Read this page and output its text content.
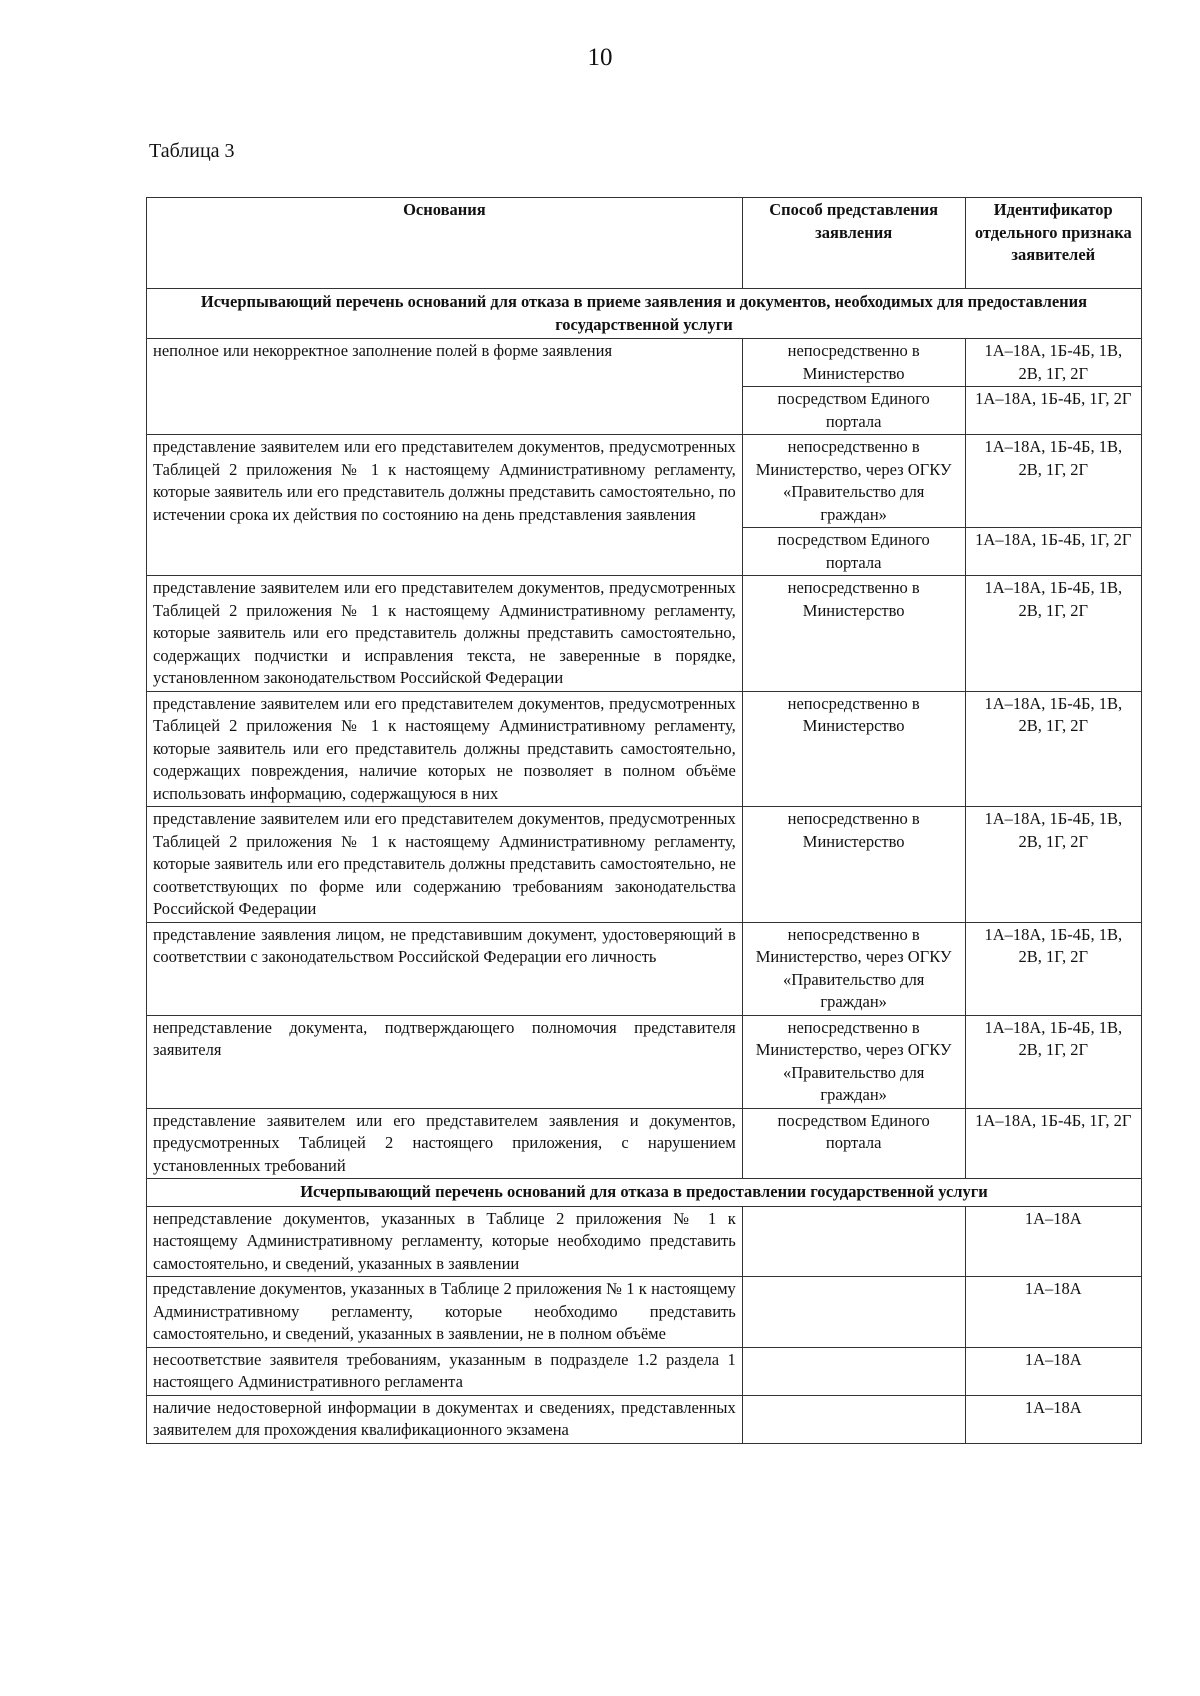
10
Таблица 3
Основания	Способ представления заявления	Идентификатор отдельного признака заявителей
Исчерпывающий перечень оснований для отказа в приеме заявления и документов, необходимых для предоставления государственной услуги		
неполное или некорректное заполнение полей в форме заявления	непосредственно в Министерство	1А–18А, 1Б-4Б, 1В, 2В, 1Г, 2Г
	посредством Единого портала	1А–18А, 1Б-4Б, 1Г, 2Г
представление заявителем или его представителем документов, предусмотренных Таблицей 2 приложения № 1 к настоящему Административному регламенту, которые заявитель или его представитель должны представить самостоятельно, по истечении срока их действия по состоянию на день представления заявления	непосредственно в Министерство, через ОГКУ «Правительство для граждан»	1А–18А, 1Б-4Б, 1В, 2В, 1Г, 2Г
	посредством Единого портала	1А–18А, 1Б-4Б, 1Г, 2Г
представление заявителем или его представителем документов, предусмотренных Таблицей 2 приложения № 1 к настоящему Административному регламенту, которые заявитель или его представитель должны представить самостоятельно, содержащих подчистки и исправления текста, не заверенные в порядке, установленном законодательством Российской Федерации	непосредственно в Министерство	1А–18А, 1Б-4Б, 1В, 2В, 1Г, 2Г
представление заявителем или его представителем документов, предусмотренных Таблицей 2 приложения № 1 к настоящему Административному регламенту, которые заявитель или его представитель должны представить самостоятельно, содержащих повреждения, наличие которых не позволяет в полном объёме использовать информацию, содержащуюся в них	непосредственно в Министерство	1А–18А, 1Б-4Б, 1В, 2В, 1Г, 2Г
представление заявителем или его представителем документов, предусмотренных Таблицей 2 приложения № 1 к настоящему Административному регламенту, которые заявитель или его представитель должны представить самостоятельно, не соответствующих по форме или содержанию требованиям законодательства Российской Федерации	непосредственно в Министерство	1А–18А, 1Б-4Б, 1В, 2В, 1Г, 2Г
представление заявления лицом, не представившим документ, удостоверяющий в соответствии с законодательством Российской Федерации его личность	непосредственно в Министерство, через ОГКУ «Правительство для граждан»	1А–18А, 1Б-4Б, 1В, 2В, 1Г, 2Г
непредставление документа, подтверждающего полномочия представителя заявителя	непосредственно в Министерство, через ОГКУ «Правительство для граждан»	1А–18А, 1Б-4Б, 1В, 2В, 1Г, 2Г
представление заявителем или его представителем заявления и документов, предусмотренных Таблицей 2 настоящего приложения, с нарушением установленных требований	посредством Единого портала	1А–18А, 1Б-4Б, 1Г, 2Г
Исчерпывающий перечень оснований для отказа в предоставлении государственной услуги		
непредставление документов, указанных в Таблице 2 приложения № 1 к настоящему Административному регламенту, которые необходимо представить самостоятельно, и сведений, указанных в заявлении		1А–18А
представление документов, указанных в Таблице 2 приложения № 1 к настоящему Административному регламенту, которые необходимо представить самостоятельно, и сведений, указанных в заявлении, не в полном объёме		1А–18А
несоответствие заявителя требованиям, указанным в подразделе 1.2 раздела 1 настоящего Административного регламента		1А–18А
наличие недостоверной информации в документах и сведениях, представленных заявителем для прохождения квалификационного экзамена		1А–18А
